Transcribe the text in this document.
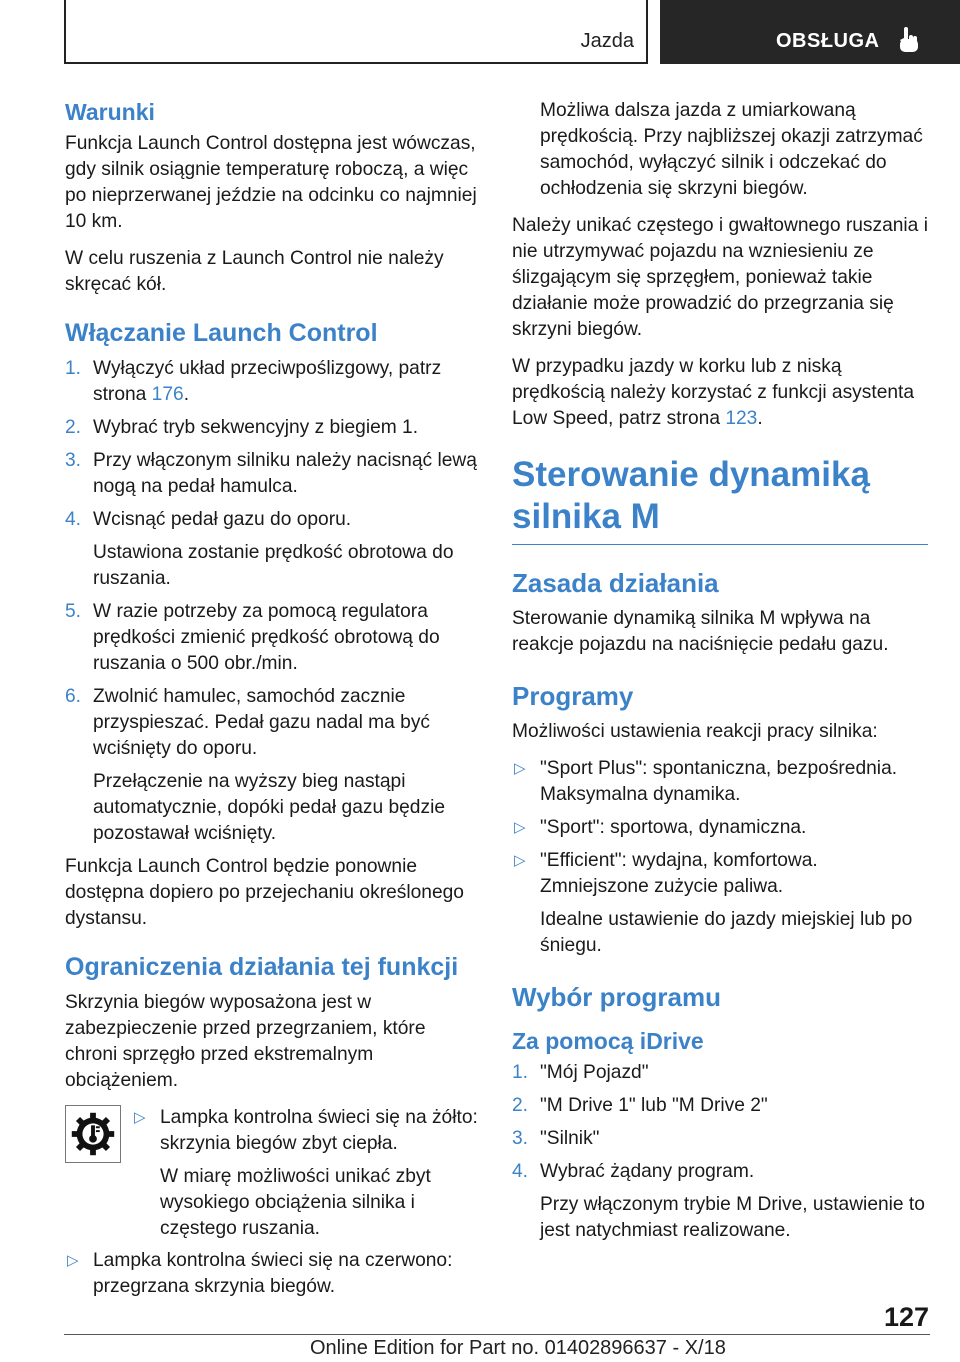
Jazda	OBSŁUGA
Warunki

Funkcja Launch Control dostępna jest wówczas, gdy silnik osiągnie temperaturę roboczą, a więc po nieprzerwanej jeździe na odcinku co najmniej 10 km.

W celu ruszenia z Launch Control nie należy skręcać kół.

Włączanie Launch Control
1. Wyłączyć układ przeciwpoślizgowy, patrz strona 176.
2. Wybrać tryb sekwencyjny z biegiem 1.
3. Przy włączonym silniku należy nacisnąć lewą nogą na pedał hamulca.
4. Wcisnąć pedał gazu do oporu.
Ustawiona zostanie prędkość obrotowa do ruszania.
5. W razie potrzeby za pomocą regulatora prędkości zmienić prędkość obrotową do ruszania o 500 obr./min.
6. Zwolnić hamulec, samochód zacznie przyspieszać. Pedał gazu nadal ma być wciśnięty do oporu.
Przełączenie na wyższy bieg nastąpi automatycznie, dopóki pedał gazu będzie pozostawał wciśnięty.

Funkcja Launch Control będzie ponownie dostępna dopiero po przejechaniu określonego dystansu.

Ograniczenia działania tej funkcji

Skrzynia biegów wyposażona jest w zabezpieczenie przed przegrzaniem, które chroni sprzęgło przed ekstremalnym obciążeniem.

▷ Lampka kontrolna świeci się na żółto: skrzynia biegów zbyt ciepła.
W miarę możliwości unikać zbyt wysokiego obciążenia silnika i częstego ruszania.
▷ Lampka kontrolna świeci się na czerwono: przegrzana skrzynia biegów.
Możliwa dalsza jazda z umiarkowaną prędkością. Przy najbliższej okazji zatrzymać samochód, wyłączyć silnik i odczekać do ochłodzenia się skrzyni biegów.

Należy unikać częstego i gwałtownego ruszania i nie utrzymywać pojazdu na wzniesieniu ze ślizgającym się sprzęgłem, ponieważ takie działanie może prowadzić do przegrzania się skrzyni biegów.

W przypadku jazdy w korku lub z niską prędkością należy korzystać z funkcji asystenta Low Speed, patrz strona 123.

Sterowanie dynamiką silnika M
Zasada działania

Sterowanie dynamiką silnika M wpływa na reakcje pojazdu na naciśnięcie pedału gazu.

Programy

Możliwości ustawienia reakcji pracy silnika:

▷ "Sport Plus": spontaniczna, bezpośrednia. Maksymalna dynamika.
▷ "Sport": sportowa, dynamiczna.
▷ "Efficient": wydajna, komfortowa. Zmniejszone zużycie paliwa.
Idealne ustawienie do jazdy miejskiej lub po śniegu.
Wybór programu
Za pomocą iDrive
1. "Mój Pojazd"
2. "M Drive 1" lub "M Drive 2"
3. "Silnik"
4. Wybrać żądany program.
Przy włączonym trybie M Drive, ustawienie to jest natychmiast realizowane.
127
Online Edition for Part no. 01402896637 - X/18
